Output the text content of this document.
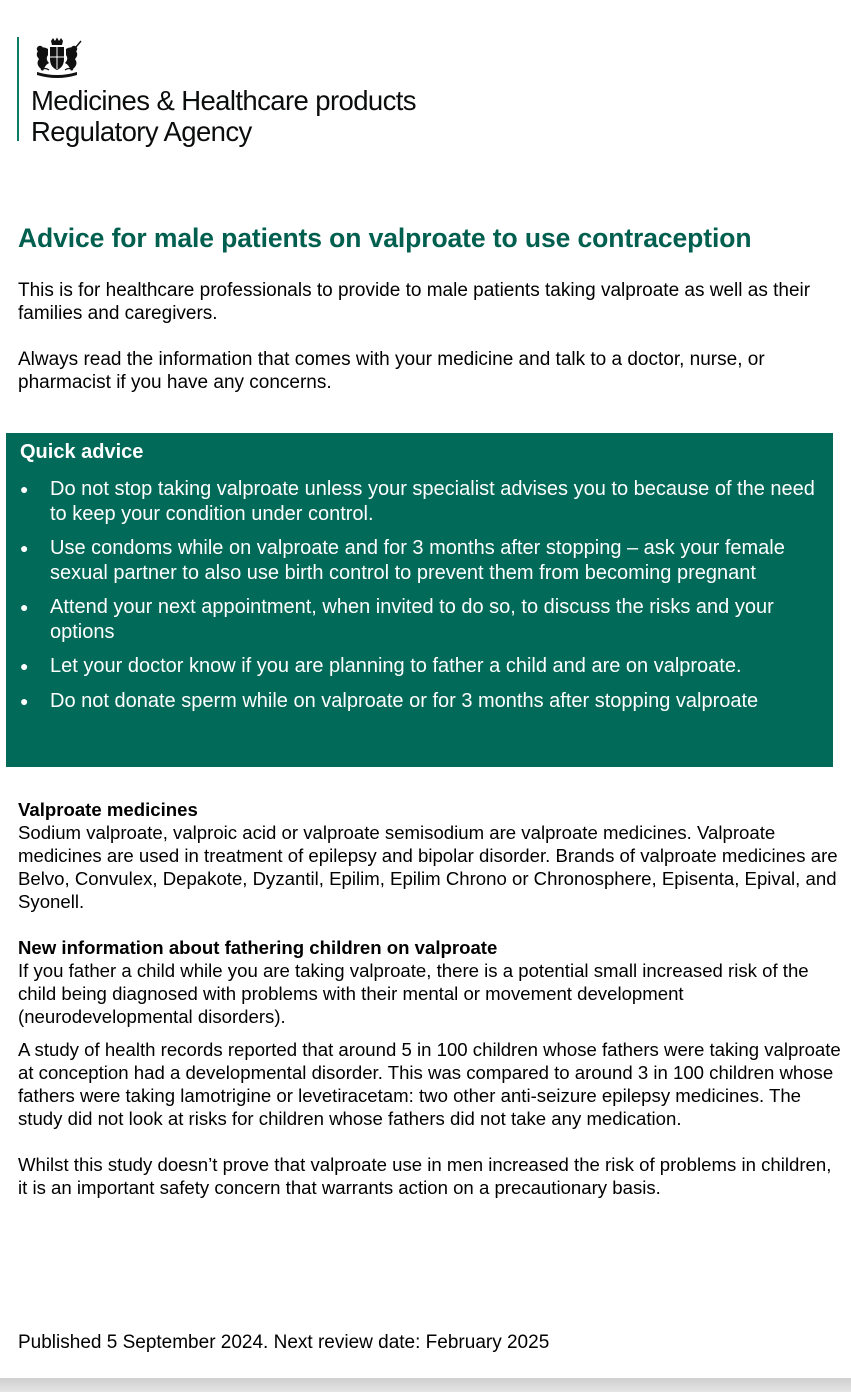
Medicines & Healthcare products
Regulatory Agency
Advice for male patients on valproate to use contraception

This is for healthcare professionals to provide to male patients taking valproate as well as their families and caregivers.

Always read the information that comes with your medicine and talk to a doctor, nurse, or pharmacist if you have any concerns.

Quick advice
● Do not stop taking valproate unless your specialist advises you to because of the need to keep your condition under control.
● Use condoms while on valproate and for 3 months after stopping – ask your female sexual partner to also use birth control to prevent them from becoming pregnant
● Attend your next appointment, when invited to do so, to discuss the risks and your options
● Let your doctor know if you are planning to father a child and are on valproate.
● Do not donate sperm while on valproate or for 3 months after stopping valproate
Valproate medicines

Sodium valproate, valproic acid or valproate semisodium are valproate medicines. Valproate medicines are used in treatment of epilepsy and bipolar disorder. Brands of valproate medicines are Belvo, Convulex, Depakote, Dyzantil, Epilim, Epilim Chrono or Chronosphere, Episenta, Epival, and Syonell.

New information about fathering children on valproate

If you father a child while you are taking valproate, there is a potential small increased risk of the child being diagnosed with problems with their mental or movement development (neurodevelopmental disorders).

A study of health records reported that around 5 in 100 children whose fathers were taking valproate at conception had a developmental disorder. This was compared to around 3 in 100 children whose fathers were taking lamotrigine or levetiracetam: two other anti-seizure epilepsy medicines. The study did not look at risks for children whose fathers did not take any medication.

Whilst this study doesn’t prove that valproate use in men increased the risk of problems in children, it is an important safety concern that warrants action on a precautionary basis.

Published 5 September 2024. Next review date: February 2025
